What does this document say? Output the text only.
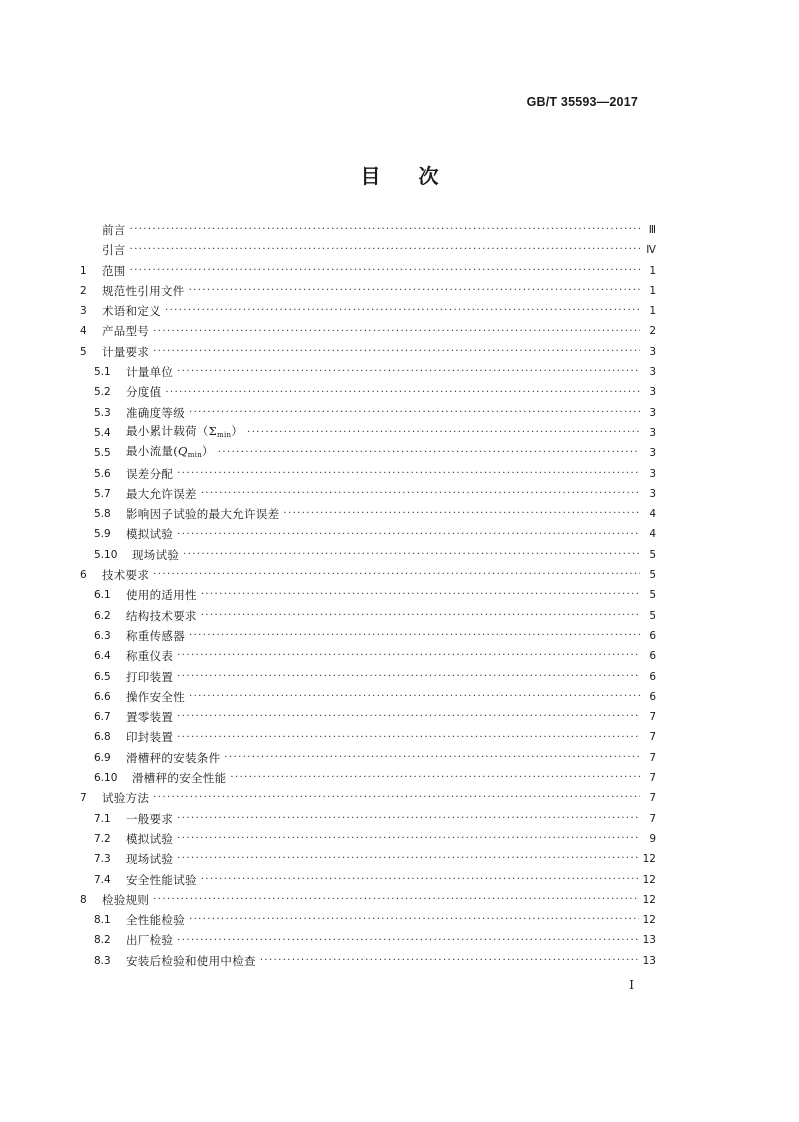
GB/T 35593—2017
目 次
前言 ·····	Ⅲ
引言 ·····	Ⅳ
1	范围 ·····	1
2	规范性引用文件 ·····	1
3	术语和定义 ·····	1
4	产品型号 ·····	2
5	计量要求 ·····	3
5.1	计量单位 ·····	3
5.2	分度值 ·····	3
5.3	准确度等级 ·····	3
5.4	最小累计载荷$(\Sigma_{min})$ ·····	3
5.5	最小流量$(Q_{min})$ ·····	3
5.6	误差分配 ·····	3
5.7	最大允许误差 ·····	3
5.8	影响因子试验的最大允许误差 ·····	4
5.9	模拟试验 ·····	4
5.10	现场试验 ·····	5
6	技术要求 ·····	5
6.1	使用的适用性 ·····	5
6.2	结构技术要求 ·····	5
6.3	称重传感器 ·····	6
6.4	称重仪表 ·····	6
6.5	打印装置 ·····	6
6.6	操作安全性 ·····	6
6.7	置零装置 ·····	7
6.8	印封装置 ·····	7
6.9	滑槽秤的安装条件 ·····	7
6.10	滑槽秤的安全性能 ·····	7
7	试验方法 ·····	7
7.1	一般要求 ·····	7
7.2	模拟试验 ·····	9
7.3	现场试验 ·····	12
7.4	安全性能试验 ·····	12
8	检验规则 ·····	12
8.1	全性能检验 ·····	12
8.2	出厂检验 ·····	13
8.3	安装后检验和使用中检查 ·····	13
I
